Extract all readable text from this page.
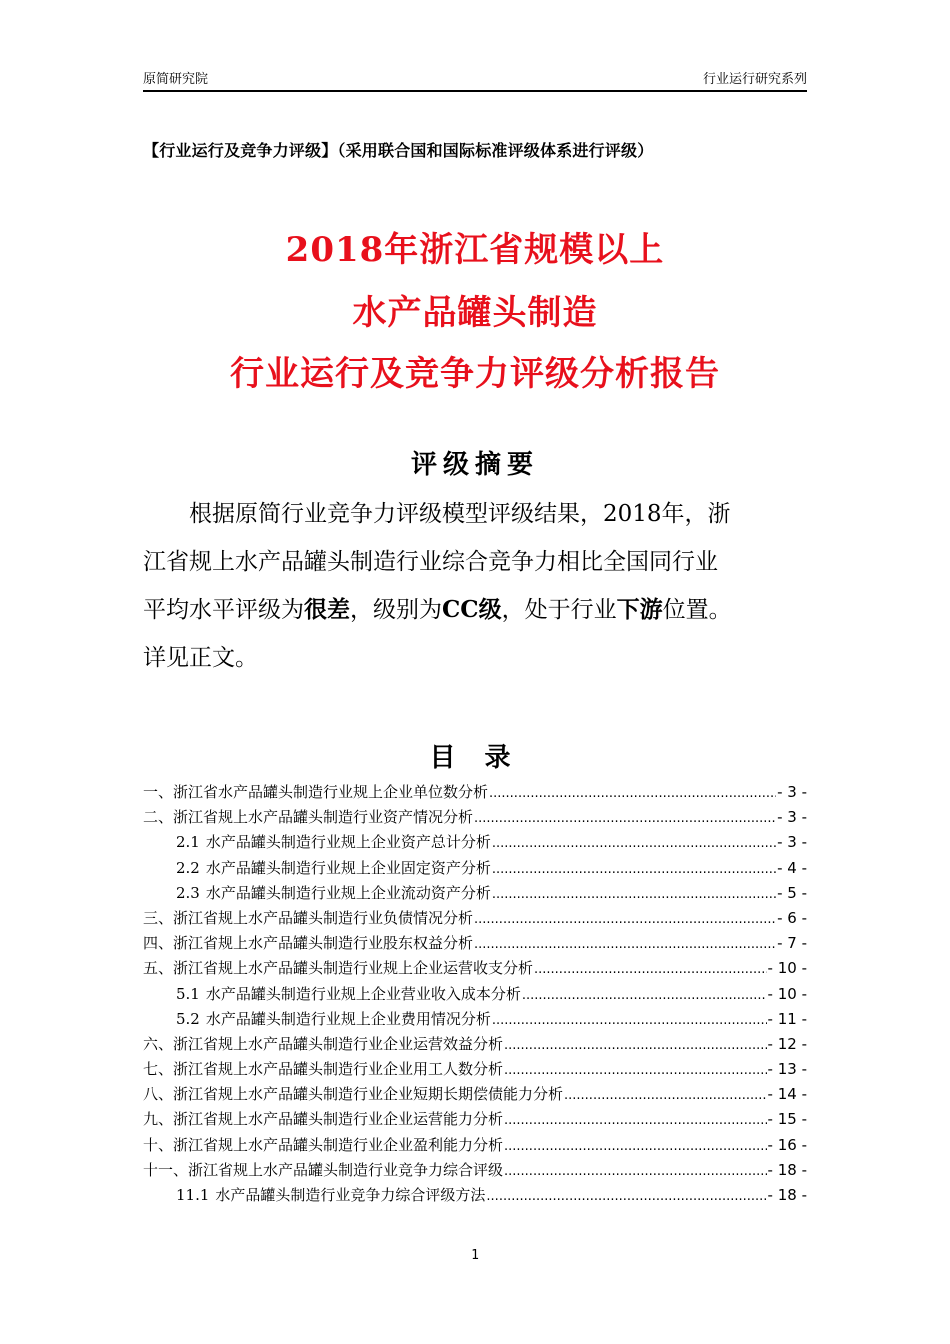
原简研究院	行业运行研究系列
【行业运行及竞争力评级】（采用联合国和国际标准评级体系进行评级）
2018年浙江省规模以上
水产品罐头制造
行业运行及竞争力评级分析报告
评级摘要
根据原简行业竞争力评级模型评级结果，2018年，浙
江省规上水产品罐头制造行业综合竞争力相比全国同行业
平均水平评级为很差，级别为CC级，处于行业下游位置。
详见正文。
目 录
一、浙江省水产品罐头制造行业规上企业单位数分析 .....	- 3 -
二、浙江省规上水产品罐头制造行业资产情况分析 .....	- 3 -
2.1 水产品罐头制造行业规上企业资产总计分析 .....	- 3 -
2.2 水产品罐头制造行业规上企业固定资产分析 .....	- 4 -
2.3 水产品罐头制造行业规上企业流动资产分析 .....	- 5 -
三、浙江省规上水产品罐头制造行业负债情况分析 .....	- 6 -
四、浙江省规上水产品罐头制造行业股东权益分析 .....	- 7 -
五、浙江省规上水产品罐头制造行业规上企业运营收支分析 .....	- 10 -
5.1 水产品罐头制造行业规上企业营业收入成本分析 .....	- 10 -
5.2 水产品罐头制造行业规上企业费用情况分析 .....	- 11 -
六、浙江省规上水产品罐头制造行业企业运营效益分析 .....	- 12 -
七、浙江省规上水产品罐头制造行业企业用工人数分析 .....	- 13 -
八、浙江省规上水产品罐头制造行业企业短期长期偿债能力分析 .....	- 14 -
九、浙江省规上水产品罐头制造行业企业运营能力分析 .....	- 15 -
十、浙江省规上水产品罐头制造行业企业盈利能力分析 .....	- 16 -
十一、浙江省规上水产品罐头制造行业竞争力综合评级 .....	- 18 -
11.1 水产品罐头制造行业竞争力综合评级方法 .....	- 18 -
1
